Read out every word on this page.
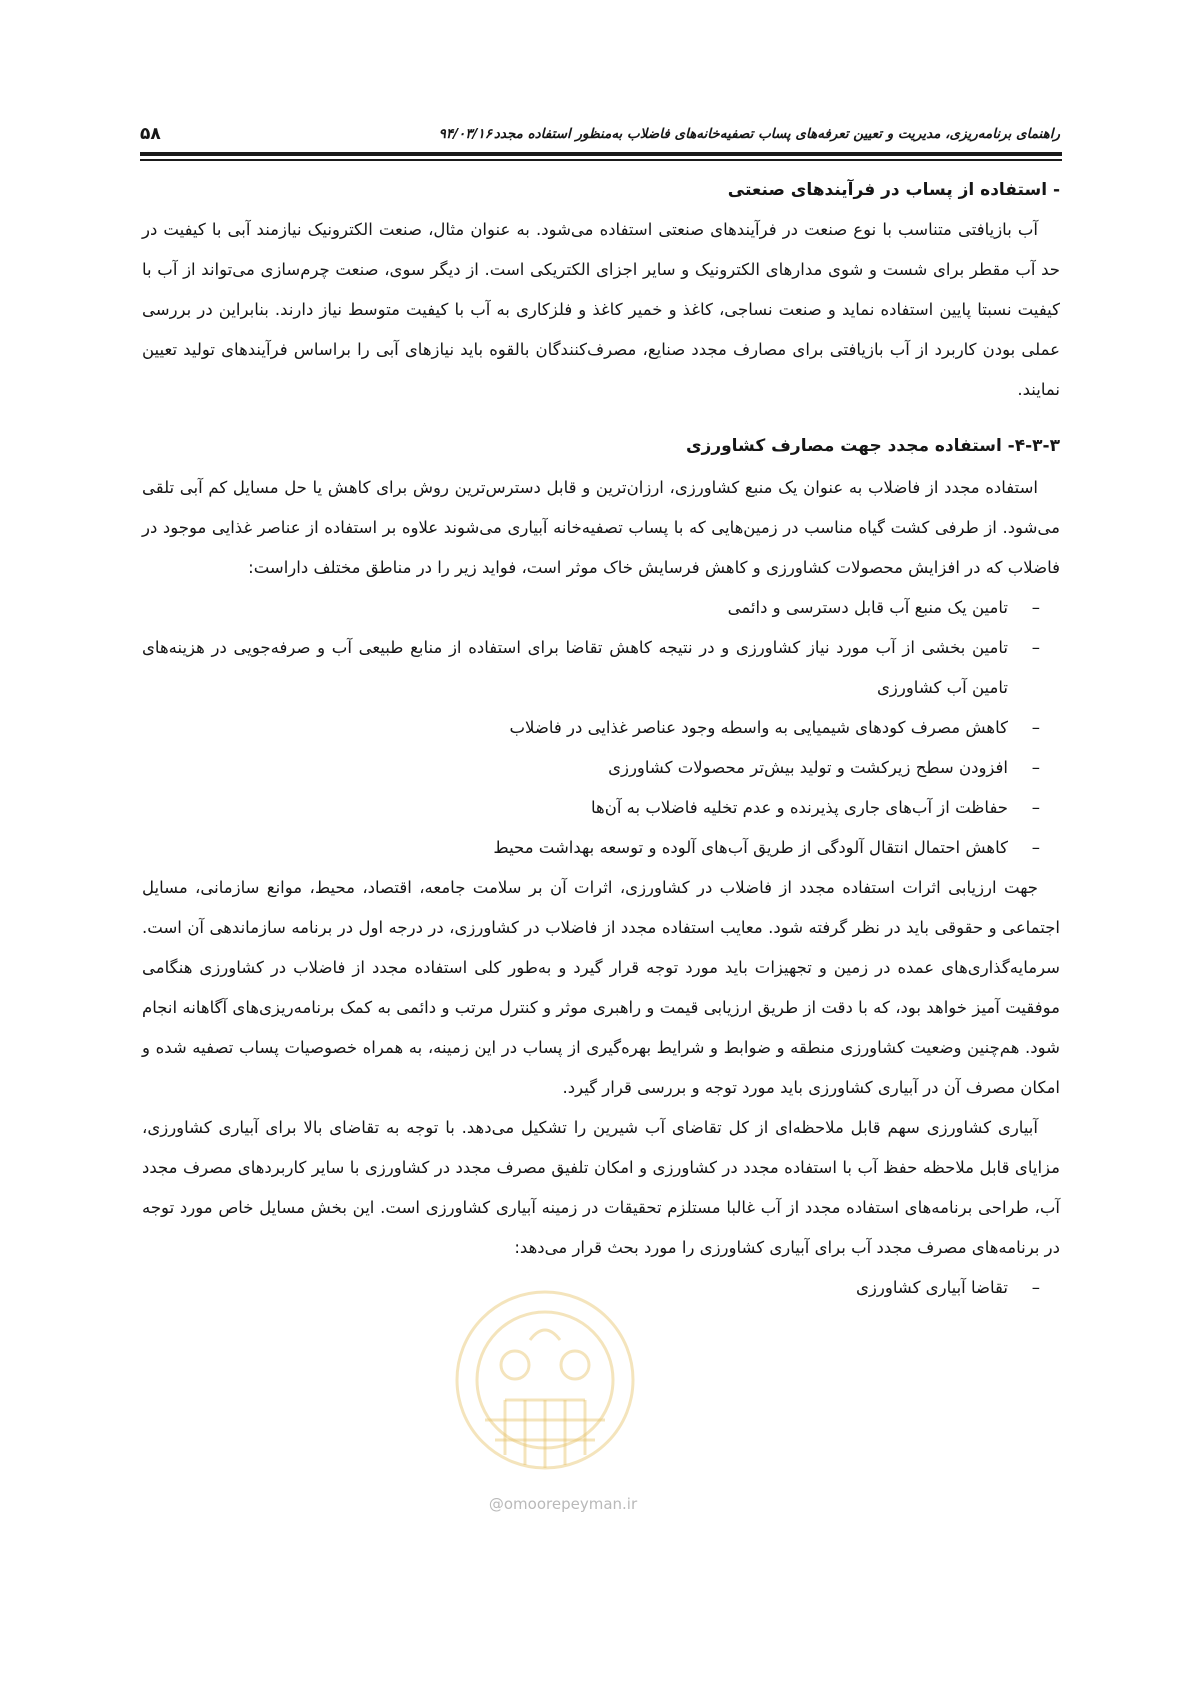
راهنمای برنامه‌ریزی، مدیریت و تعیین تعرفه‌های پساب تصفیه‌خانه‌های فاضلاب به‌منظور استفاده مجدد
۹۴/۰۳/۱۶
۵۸
- استفاده از پساب در فرآیندهای صنعتی

آب بازیافتی متناسب با نوع صنعت در فرآیندهای صنعتی استفاده می‌شود. به عنوان مثال، صنعت الکترونیک نیازمند آبی با کیفیت در حد آب مقطر برای شست و شوی مدارهای الکترونیک و سایر اجزای الکتریکی است. از دیگر سوی، صنعت چرم‌سازی می‌تواند از آب با کیفیت نسبتا پایین استفاده نماید و صنعت نساجی، کاغذ و خمیر کاغذ و فلزکاری به آب با کیفیت متوسط نیاز دارند. بنابراین در بررسی عملی بودن کاربرد از آب بازیافتی برای مصارف مجدد صنایع، مصرف‌کنندگان بالقوه باید نیازهای آبی را براساس فرآیندهای تولید تعیین نمایند.

۴-۳-۳- استفاده مجدد جهت مصارف کشاورزی

استفاده مجدد از فاضلاب به عنوان یک منبع کشاورزی، ارزان‌ترین و قابل دسترس‌ترین روش برای کاهش یا حل مسایل کم آبی تلقی می‌شود. از طرفی کشت گیاه مناسب در زمین‌هایی که با پساب تصفیه‌خانه آبیاری می‌شوند علاوه بر استفاده از عناصر غذایی موجود در فاضلاب که در افزایش محصولات کشاورزی و کاهش فرسایش خاک موثر است، فواید زیر را در مناطق مختلف داراست:

–
تامین یک منبع آب قابل دسترسی و دائمی
–
تامین بخشی از آب مورد نیاز کشاورزی و در نتیجه کاهش تقاضا برای استفاده از منابع طبیعی آب و صرفه‌جویی در هزینه‌های تامین آب کشاورزی
–
کاهش مصرف کودهای شیمیایی به واسطه وجود عناصر غذایی در فاضلاب
–
افزودن سطح زیرکشت و تولید بیش‌تر محصولات کشاورزی
–
حفاظت از آب‌های جاری پذیرنده و عدم تخلیه فاضلاب به آن‌ها
–
کاهش احتمال انتقال آلودگی از طریق آب‌های آلوده و توسعه بهداشت محیط

جهت ارزیابی اثرات استفاده مجدد از فاضلاب در کشاورزی، اثرات آن بر سلامت جامعه، اقتصاد، محیط، موانع سازمانی، مسایل اجتماعی و حقوقی باید در نظر گرفته شود. معایب استفاده مجدد از فاضلاب در کشاورزی، در درجه اول در برنامه سازماندهی آن است. سرمایه‌گذاری‌های عمده در زمین و تجهیزات باید مورد توجه قرار گیرد و به‌طور کلی استفاده مجدد از فاضلاب در کشاورزی هنگامی موفقیت آمیز خواهد بود، که با دقت از طریق ارزیابی قیمت و راهبری موثر و کنترل مرتب و دائمی به کمک برنامه‌ریزی‌های آگاهانه انجام شود. هم‌چنین وضعیت کشاورزی منطقه و ضوابط و شرایط بهره‌گیری از پساب در این زمینه، به همراه خصوصیات پساب تصفیه شده و امکان مصرف آن در آبیاری کشاورزی باید مورد توجه و بررسی قرار گیرد.

آبیاری کشاورزی سهم قابل ملاحظه‌ای از کل تقاضای آب شیرین را تشکیل می‌دهد. با توجه به تقاضای بالا برای آبیاری کشاورزی، مزایای قابل ملاحظه حفظ آب با استفاده مجدد در کشاورزی و امکان تلفیق مصرف مجدد در کشاورزی با سایر کاربردهای مصرف مجدد آب، طراحی برنامه‌های استفاده مجدد از آب غالبا مستلزم تحقیقات در زمینه آبیاری کشاورزی است. این بخش مسایل خاص مورد توجه در برنامه‌های مصرف مجدد آب برای آبیاری کشاورزی را مورد بحث قرار می‌دهد:

–
تقاضا آبیاری کشاورزی
@omoorepeyman.ir
